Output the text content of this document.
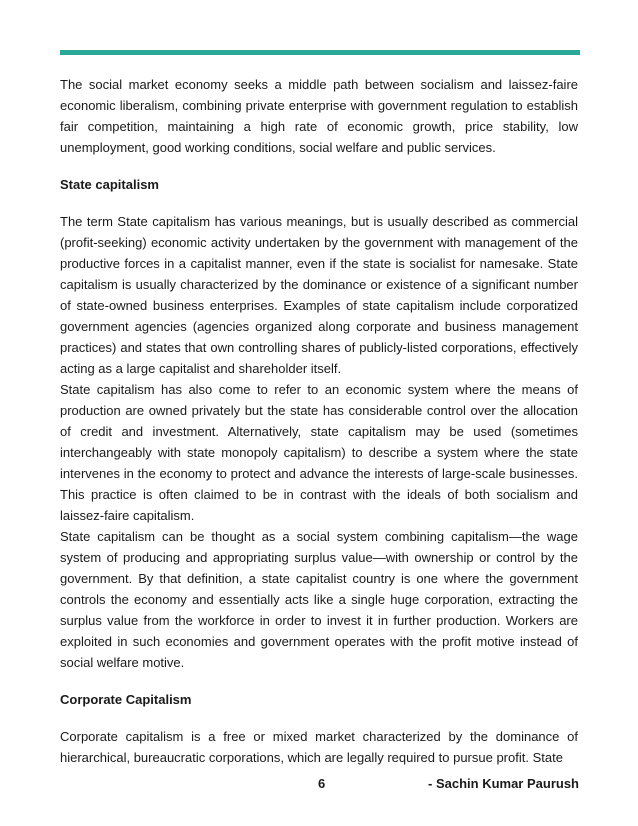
The social market economy seeks a middle path between socialism and laissez-faire economic liberalism, combining private enterprise with government regulation to establish fair competition, maintaining a high rate of economic growth, price stability, low unemployment, good working conditions, social welfare and public services.

State capitalism

The term State capitalism has various meanings, but is usually described as commercial (profit-seeking) economic activity undertaken by the government with management of the productive forces in a capitalist manner, even if the state is socialist for namesake. State capitalism is usually characterized by the dominance or existence of a significant number of state-owned business enterprises. Examples of state capitalism include corporatized government agencies (agencies organized along corporate and business management practices) and states that own controlling shares of publicly-listed corporations, effectively acting as a large capitalist and shareholder itself.

State capitalism has also come to refer to an economic system where the means of production are owned privately but the state has considerable control over the allocation of credit and investment. Alternatively, state capitalism may be used (sometimes interchangeably with state monopoly capitalism) to describe a system where the state intervenes in the economy to protect and advance the interests of large-scale businesses. This practice is often claimed to be in contrast with the ideals of both socialism and laissez-faire capitalism.

State capitalism can be thought as a social system combining capitalism—the wage system of producing and appropriating surplus value—with ownership or control by the government. By that definition, a state capitalist country is one where the government controls the economy and essentially acts like a single huge corporation, extracting the surplus value from the workforce in order to invest it in further production. Workers are exploited in such economies and government operates with the profit motive instead of social welfare motive.

Corporate Capitalism

Corporate capitalism is a free or mixed market characterized by the dominance of hierarchical, bureaucratic corporations, which are legally required to pursue profit. State

6	- Sachin Kumar Paurush
